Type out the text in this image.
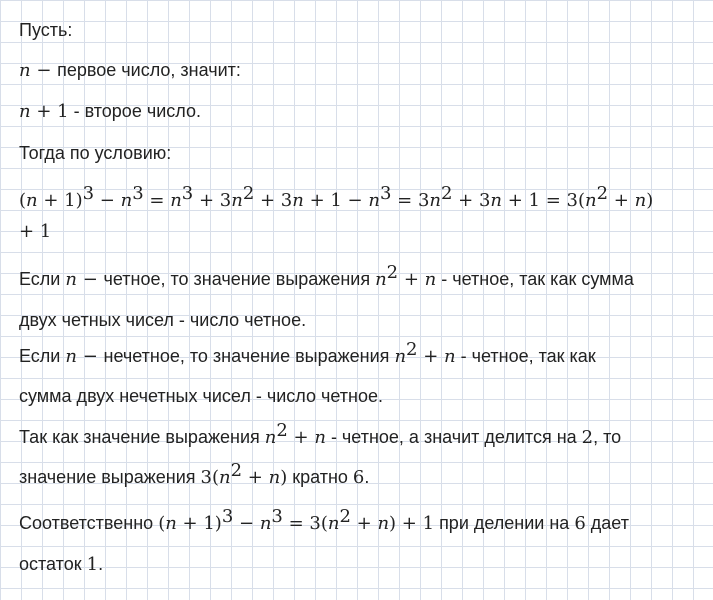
Пусть:
n − первое число, значит:
n + 1 - второе число.
Тогда по условию:
$(n + 1)^3 - n^3 = n^3 + 3n^2 + 3n + 1 - n^3 = 3n^2 + 3n + 1 = 3(n^2 + n)$
+ 1
Если n − четное, то значение выражения $n^2 + n$ - четное, так как сумма
двух четных чисел - число четное.
Если n − нечетное, то значение выражения $n^2 + n$ - четное, так как
сумма двух нечетных чисел - число четное.
Так как значение выражения $n^2 + n$ - четное, а значит делится на 2, то
значение выражения $3(n^2 + n)$ кратно 6.
Соответственно $(n + 1)^3 - n^3 = 3(n^2 + n) + 1$ при делении на 6 дает
остаток 1.
